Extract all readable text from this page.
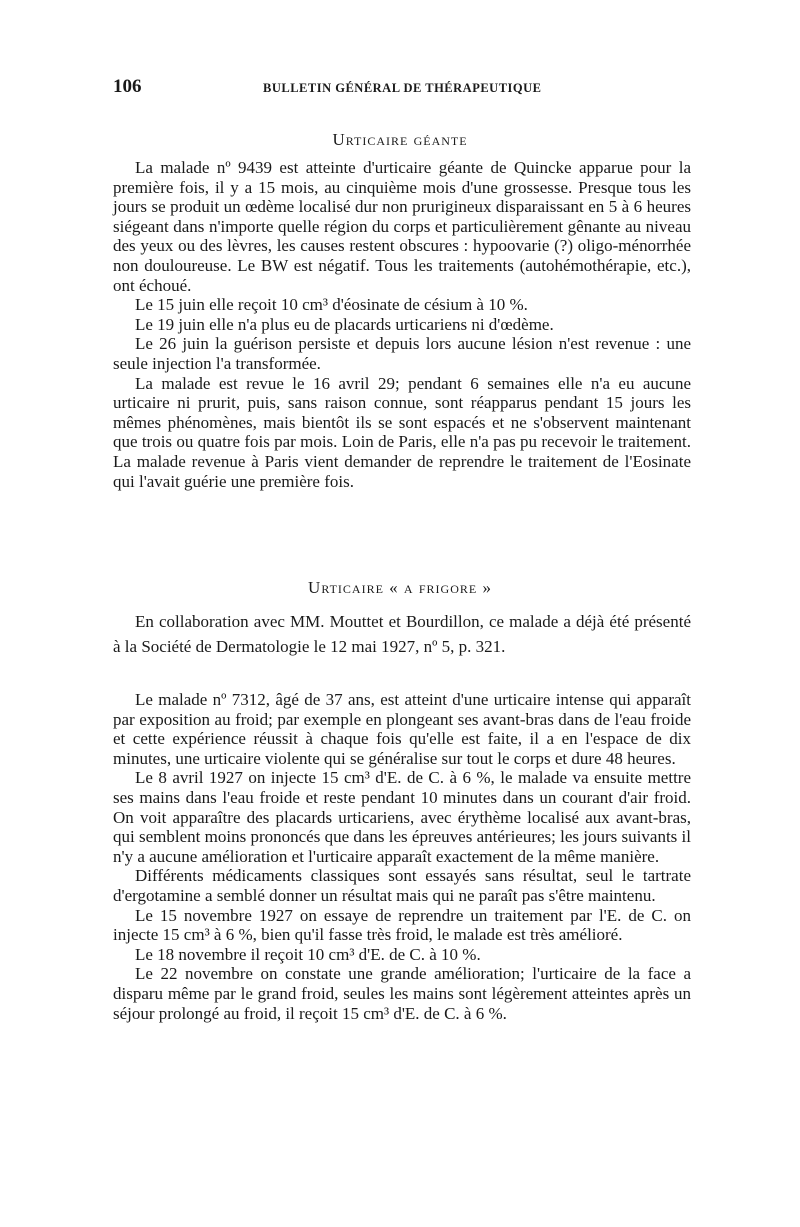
106	BULLETIN GÉNÉRAL DE THÉRAPEUTIQUE
Urticaire géante

La malade nº 9439 est atteinte d'urticaire géante de Quincke apparue pour la première fois, il y a 15 mois, au cinquième mois d'une grossesse. Presque tous les jours se produit un œdème localisé dur non prurigineux disparaissant en 5 à 6 heures siégeant dans n'importe quelle région du corps et particulièrement gênante au niveau des yeux ou des lèvres, les causes restent obscures : hypoovarie (?) oligo-ménorrhée non douloureuse. Le BW est négatif. Tous les traitements (autohémothérapie, etc.), ont échoué.

Le 15 juin elle reçoit 10 cm³ d'éosinate de césium à 10 %.

Le 19 juin elle n'a plus eu de placards urticariens ni d'œdème.

Le 26 juin la guérison persiste et depuis lors aucune lésion n'est revenue : une seule injection l'a transformée.

La malade est revue le 16 avril 29; pendant 6 semaines elle n'a eu aucune urticaire ni prurit, puis, sans raison connue, sont réapparus pendant 15 jours les mêmes phénomènes, mais bientôt ils se sont espacés et ne s'observent maintenant que trois ou quatre fois par mois. Loin de Paris, elle n'a pas pu recevoir le traitement. La malade revenue à Paris vient demander de reprendre le traitement de l'Eosinate qui l'avait guérie une première fois.

Urticaire « a frigore »

En collaboration avec MM. Mouttet et Bourdillon, ce malade a déjà été présenté à la Société de Dermatologie le 12 mai 1927, nº 5, p. 321.

Le malade nº 7312, âgé de 37 ans, est atteint d'une urticaire intense qui apparaît par exposition au froid; par exemple en plongeant ses avant-bras dans de l'eau froide et cette expérience réussit à chaque fois qu'elle est faite, il a en l'espace de dix minutes, une urticaire violente qui se généralise sur tout le corps et dure 48 heures.

Le 8 avril 1927 on injecte 15 cm³ d'E. de C. à 6 %, le malade va ensuite mettre ses mains dans l'eau froide et reste pendant 10 minutes dans un courant d'air froid. On voit apparaître des placards urticariens, avec érythème localisé aux avant-bras, qui semblent moins prononcés que dans les épreuves antérieures; les jours suivants il n'y a aucune amélioration et l'urticaire apparaît exactement de la même manière.

Différents médicaments classiques sont essayés sans résultat, seul le tartrate d'ergotamine a semblé donner un résultat mais qui ne paraît pas s'être maintenu.

Le 15 novembre 1927 on essaye de reprendre un traitement par l'E. de C. on injecte 15 cm³ à 6 %, bien qu'il fasse très froid, le malade est très amélioré.

Le 18 novembre il reçoit 10 cm³ d'E. de C. à 10 %.

Le 22 novembre on constate une grande amélioration; l'urticaire de la face a disparu même par le grand froid, seules les mains sont légèrement atteintes après un séjour prolongé au froid, il reçoit 15 cm³ d'E. de C. à 6 %.
